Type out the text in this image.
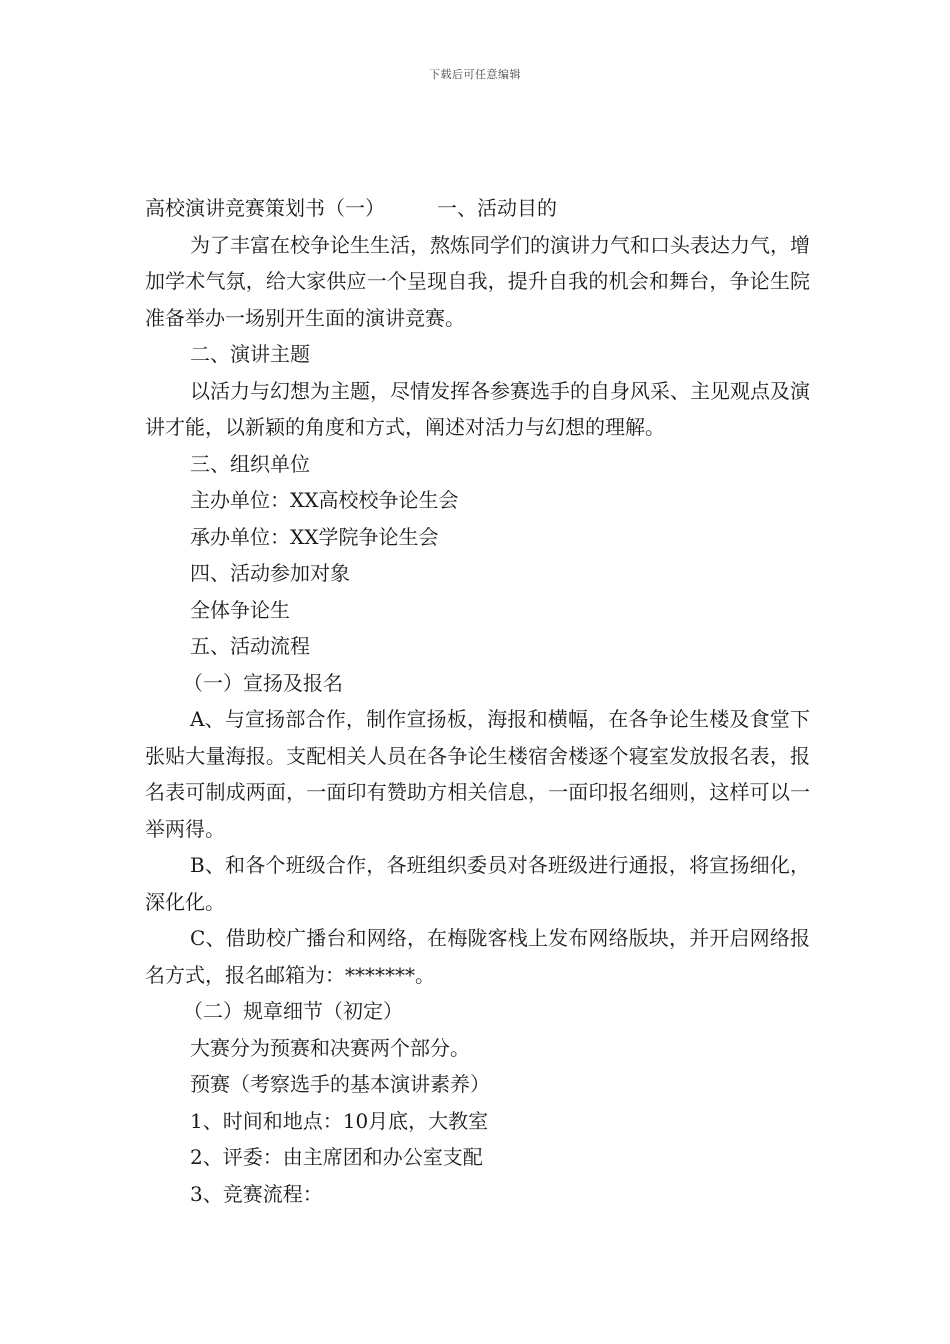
下载后可任意编辑

高校演讲竞赛策划书（一）	一、活动目的

为了丰富在校争论生生活，熬炼同学们的演讲力气和口头表达力气，增加学术气氛，给大家供应一个呈现自我，提升自我的机会和舞台，争论生院准备举办一场别开生面的演讲竞赛。

二、演讲主题

以活力与幻想为主题，尽情发挥各参赛选手的自身风采、主见观点及演讲才能，以新颖的角度和方式，阐述对活力与幻想的理解。

三、组织单位

主办单位：XX高校校争论生会

承办单位：XX学院争论生会

四、活动参加对象

全体争论生

五、活动流程

（一）宣扬及报名

A、与宣扬部合作，制作宣扬板，海报和横幅，在各争论生楼及食堂下张贴大量海报。支配相关人员在各争论生楼宿舍楼逐个寝室发放报名表，报名表可制成两面，一面印有赞助方相关信息，一面印报名细则，这样可以一举两得。

B、和各个班级合作，各班组织委员对各班级进行通报，将宣扬细化，深化化。

C、借助校广播台和网络，在梅陇客栈上发布网络版块，并开启网络报名方式，报名邮箱为：*******。

（二）规章细节（初定）

大赛分为预赛和决赛两个部分。

预赛（考察选手的基本演讲素养）

1、时间和地点：10月底，大教室

2、评委：由主席团和办公室支配

3、竞赛流程：
